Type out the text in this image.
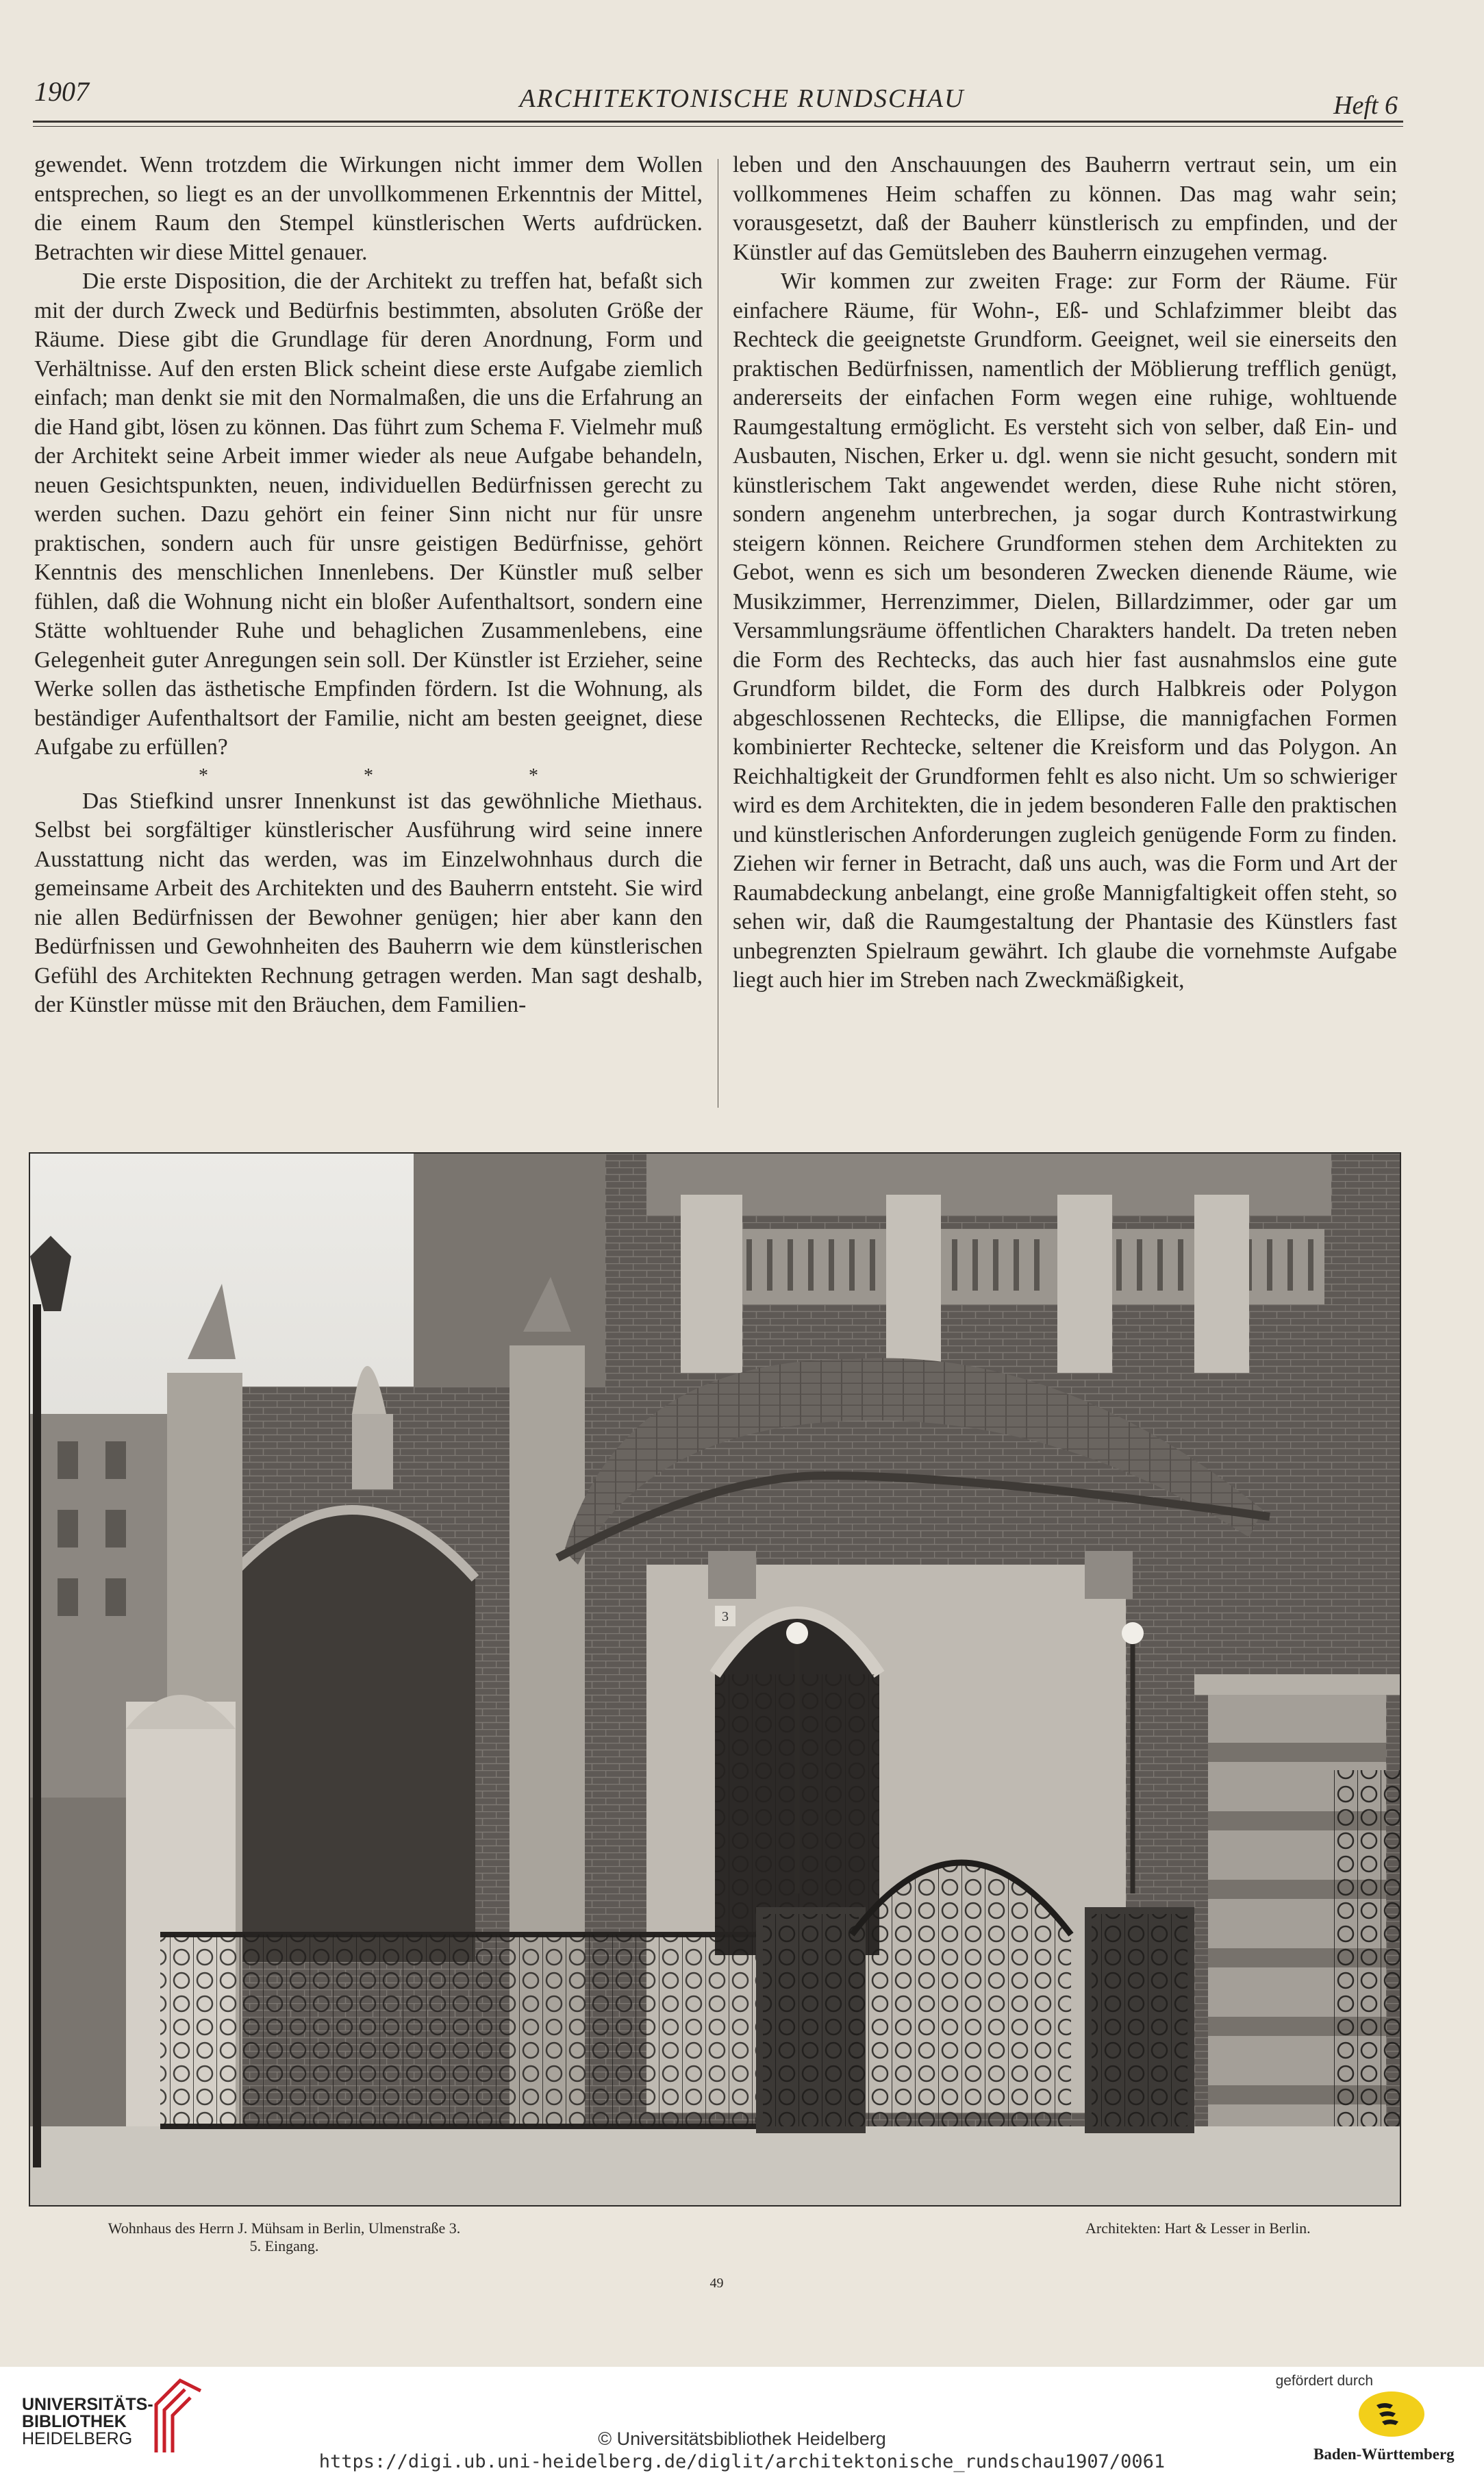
1907	ARCHITEKTONISCHE RUNDSCHAU	Heft 6

gewendet. Wenn trotzdem die Wirkungen nicht immer dem Wollen entsprechen, so liegt es an der unvollkommenen Erkenntnis der Mittel, die einem Raum den Stempel künstlerischen Werts aufdrücken. Betrachten wir diese Mittel genauer.

Die erste Disposition, die der Architekt zu treffen hat, befaßt sich mit der durch Zweck und Bedürfnis bestimmten, absoluten Größe der Räume. Diese gibt die Grundlage für deren Anordnung, Form und Verhältnisse. Auf den ersten Blick scheint diese erste Aufgabe ziemlich einfach; man denkt sie mit den Normalmaßen, die uns die Erfahrung an die Hand gibt, lösen zu können. Das führt zum Schema F. Vielmehr muß der Architekt seine Arbeit immer wieder als neue Aufgabe behandeln, neuen Gesichtspunkten, neuen, individuellen Bedürfnissen gerecht zu werden suchen. Dazu gehört ein feiner Sinn nicht nur für unsre praktischen, sondern auch für unsre geistigen Bedürfnisse, gehört Kenntnis des menschlichen Innenlebens. Der Künstler muß selber fühlen, daß die Wohnung nicht ein bloßer Aufenthaltsort, sondern eine Stätte wohltuender Ruhe und behaglichen Zusammenlebens, eine Gelegenheit guter Anregungen sein soll. Der Künstler ist Erzieher, seine Werke sollen das ästhetische Empfinden fördern. Ist die Wohnung, als beständiger Aufenthaltsort der Familie, nicht am besten geeignet, diese Aufgabe zu erfüllen?

* * *

Das Stiefkind unsrer Innenkunst ist das gewöhnliche Miethaus. Selbst bei sorgfältiger künstlerischer Ausführung wird seine innere Ausstattung nicht das werden, was im Einzelwohnhaus durch die gemeinsame Arbeit des Architekten und des Bauherrn entsteht. Sie wird nie allen Bedürfnissen der Bewohner genügen; hier aber kann den Bedürfnissen und Gewohnheiten des Bauherrn wie dem künstlerischen Gefühl des Architekten Rechnung getragen werden. Man sagt deshalb, der Künstler müsse mit den Bräuchen, dem Familien-

leben und den Anschauungen des Bauherrn vertraut sein, um ein vollkommenes Heim schaffen zu können. Das mag wahr sein; vorausgesetzt, daß der Bauherr künstlerisch zu empfinden, und der Künstler auf das Gemütsleben des Bauherrn einzugehen vermag.

Wir kommen zur zweiten Frage: zur Form der Räume. Für einfachere Räume, für Wohn-, Eß- und Schlafzimmer bleibt das Rechteck die geeignetste Grundform. Geeignet, weil sie einerseits den praktischen Bedürfnissen, namentlich der Möblierung trefflich genügt, andererseits der einfachen Form wegen eine ruhige, wohltuende Raumgestaltung ermöglicht. Es versteht sich von selber, daß Ein- und Ausbauten, Nischen, Erker u. dgl. wenn sie nicht gesucht, sondern mit künstlerischem Takt angewendet werden, diese Ruhe nicht stören, sondern angenehm unterbrechen, ja sogar durch Kontrastwirkung steigern können. Reichere Grundformen stehen dem Architekten zu Gebot, wenn es sich um besonderen Zwecken dienende Räume, wie Musikzimmer, Herrenzimmer, Dielen, Billardzimmer, oder gar um Versammlungsräume öffentlichen Charakters handelt. Da treten neben die Form des Rechtecks, das auch hier fast ausnahmslos eine gute Grundform bildet, die Form des durch Halbkreis oder Polygon abgeschlossenen Rechtecks, die Ellipse, die mannigfachen Formen kombinierter Rechtecke, seltener die Kreisform und das Polygon. An Reichhaltigkeit der Grundformen fehlt es also nicht. Um so schwieriger wird es dem Architekten, die in jedem besonderen Falle den praktischen und künstlerischen Anforderungen zugleich genügende Form zu finden. Ziehen wir ferner in Betracht, daß uns auch, was die Form und Art der Raumabdeckung anbelangt, eine große Mannigfaltigkeit offen steht, so sehen wir, daß die Raumgestaltung der Phantasie des Künstlers fast unbegrenzten Spielraum gewährt. Ich glaube die vornehmste Aufgabe liegt auch hier im Streben nach Zweckmäßigkeit,

3
Wohnhaus des Herrn J. Mühsam in Berlin, Ulmenstraße 3.
5. Eingang.
Architekten: Hart & Lesser in Berlin.
49
UNIVERSITÄTS-
BIBLIOTHEK
HEIDELBERG	© Universitätsbibliothek Heidelberg
https://digi.ub.uni-heidelberg.de/diglit/architektonische_rundschau1907/0061
gefördert durch
Baden-Württemberg
